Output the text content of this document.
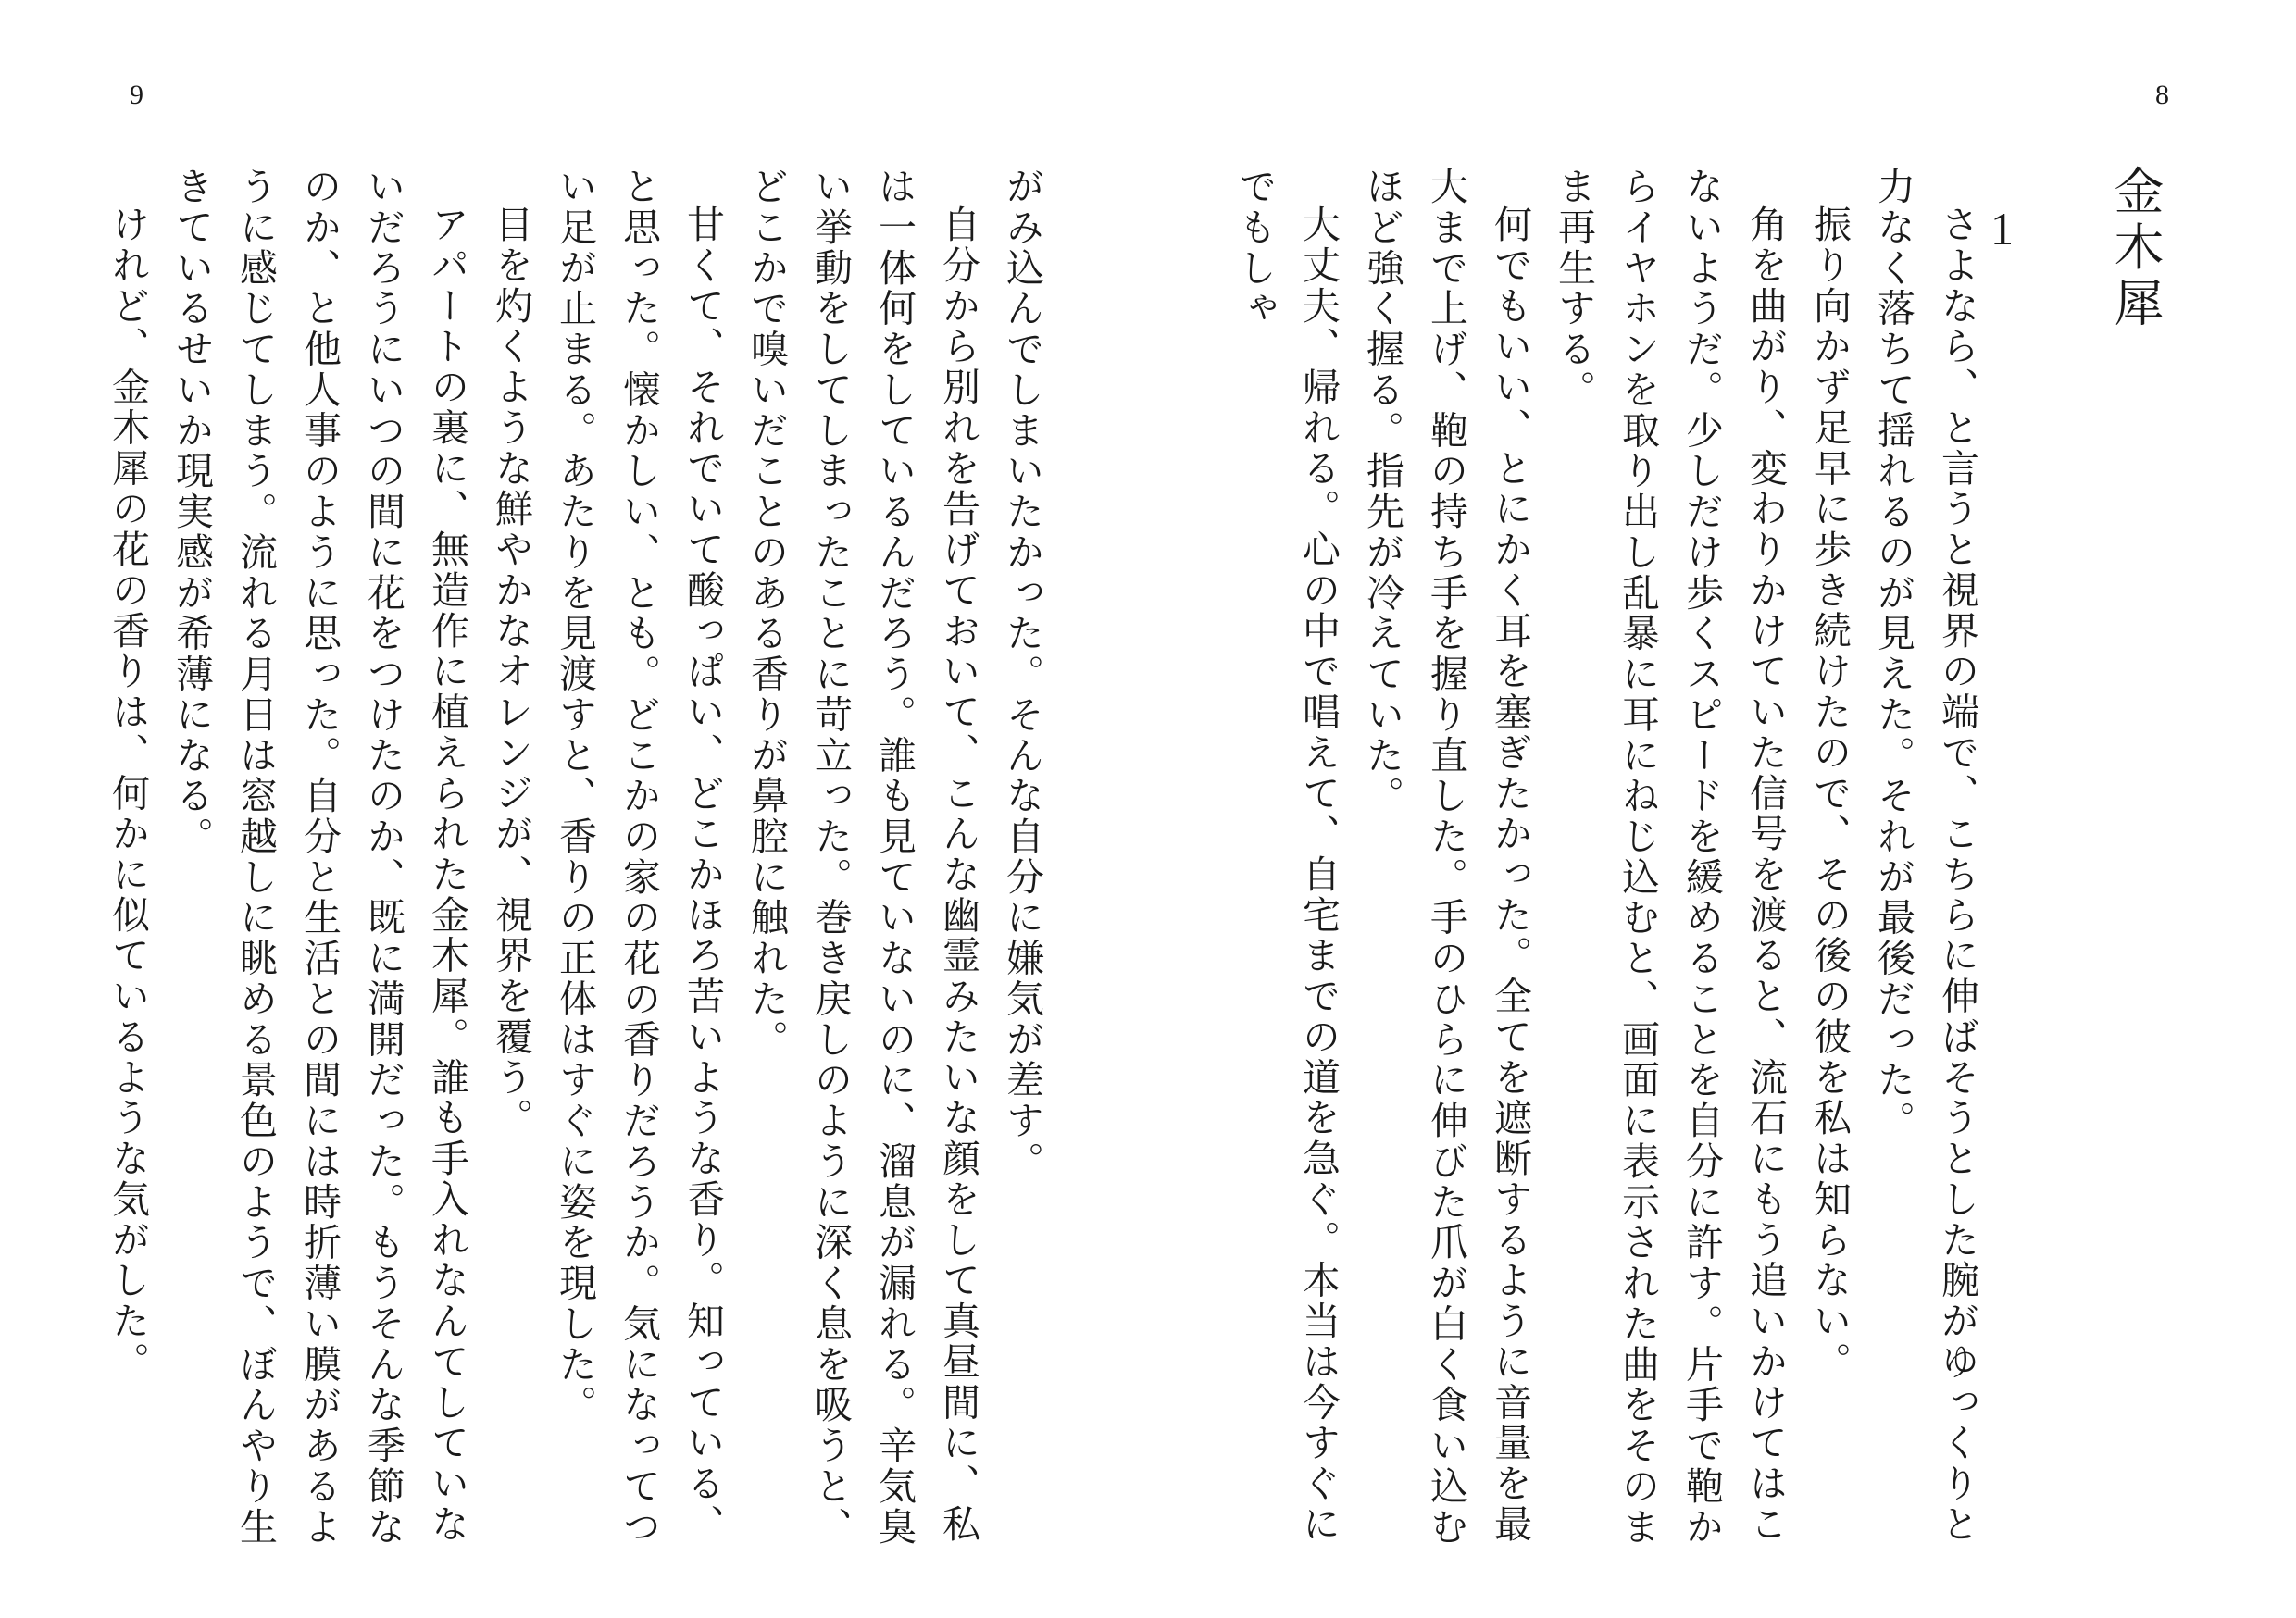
9	8
金木犀
1

さよなら、と言うと視界の端で、こちらに伸ばそうとした腕がゆっくりと力なく落ちて揺れるのが見えた。それが最後だった。

振り向かず足早に歩き続けたので、その後の彼を私は知らない。

角を曲がり、変わりかけていた信号を渡ると、流石にもう追いかけてはこないようだ。少しだけ歩くスピードを緩めることを自分に許す。片手で鞄からイヤホンを取り出し乱暴に耳にねじ込むと、画面に表示された曲をそのまま再生する。

何でもいい、とにかく耳を塞ぎたかった。全てを遮断するように音量を最大まで上げ、鞄の持ち手を握り直した。手のひらに伸びた爪が白く食い込むほど強く握る。指先が冷えていた。

大丈夫、帰れる。心の中で唱えて、自宅までの道を急ぐ。本当は今すぐにでもしゃ

がみ込んでしまいたかった。そんな自分に嫌気が差す。

自分から別れを告げておいて、こんな幽霊みたいな顔をして真昼間に、私は一体何をしているんだろう。誰も見ていないのに、溜息が漏れる。辛気臭い挙動をしてしまったことに苛立った。巻き戻しのように深く息を吸うと、どこかで嗅いだことのある香りが鼻腔に触れた。

甘くて、それでいて酸っぱい、どこかほろ苦いような香り。知っている、と思った。懐かしい、とも。どこかの家の花の香りだろうか。気になってつい足が止まる。あたりを見渡すと、香りの正体はすぐに姿を現した。

目を灼くような鮮やかなオレンジが、視界を覆う。

アパートの裏に、無造作に植えられた金木犀。誰も手入れなんてしていないだろうにいつの間に花をつけたのか、既に満開だった。もうそんな季節なのか、と他人事のように思った。自分と生活との間には時折薄い膜があるように感じてしまう。流れる月日は窓越しに眺める景色のようで、ぼんやり生きているせいか現実感が希薄になる。

けれど、金木犀の花の香りは、何かに似ているような気がした。
